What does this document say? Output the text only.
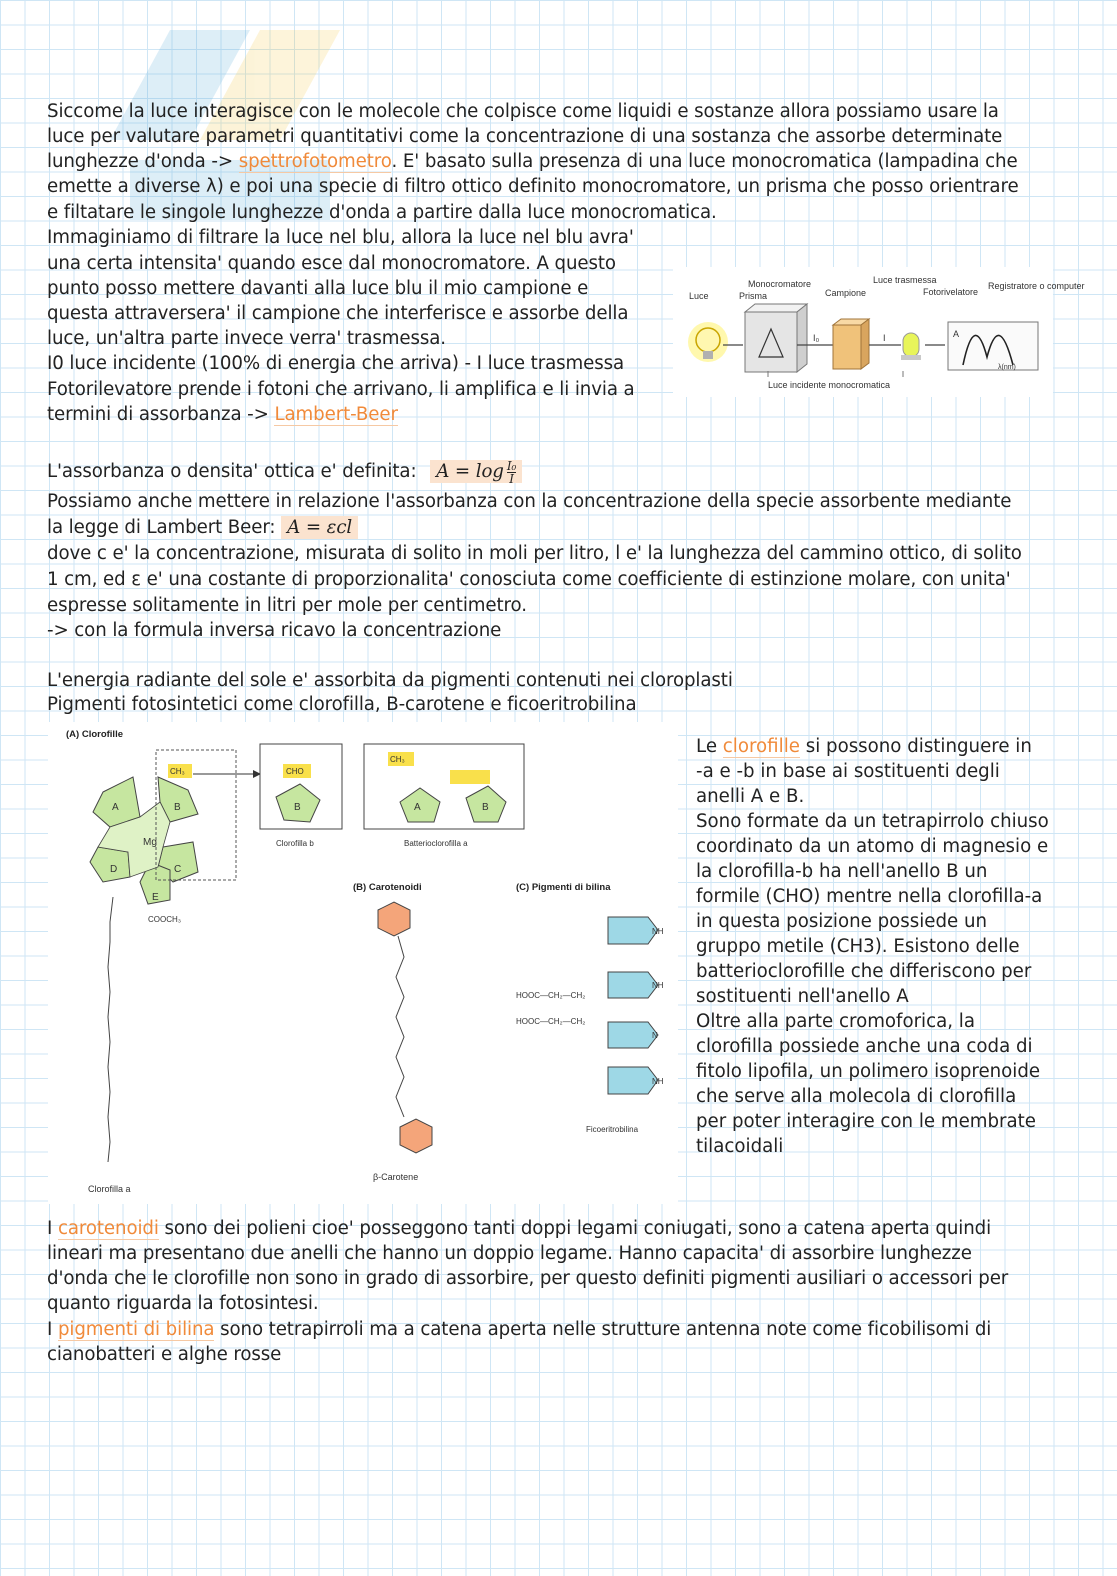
Siccome la luce interagisce con le molecole che colpisce come liquidi e sostanze allora possiamo usare la
luce per valutare parametri quantitativi come la concentrazione di una sostanza che assorbe determinate
lunghezze d'onda -> spettrofotometro. E' basato sulla presenza di una luce monocromatica (lampadina che
emette a diverse λ) e poi una specie di filtro ottico definito monocromatore, un prisma che posso orientrare
e filtatare le singole lunghezze d'onda a partire dalla luce monocromatica.
Immaginiamo di filtrare la luce nel blu, allora la luce nel blu avra'
una certa intensita' quando esce dal monocromatore. A questo
punto posso mettere davanti alla luce blu il mio campione e
questa attraversera' il campione che interferisce e assorbe della
luce, un'altra parte invece verra' trasmessa.
I0 luce incidente (100% di energia che arriva) - I luce trasmessa
Fotorilevatore prende i fotoni che arrivano, li amplifica e li invia a
termini di assorbanza -> Lambert-Beer
Luce
Monocromatore
Prisma	Campione
Luce trasmessa
Fotorivelatore
Registratore o computer
I₀	I	A
λ(nm)
Luce incidente monocromatica
L'assorbanza o densita' ottica e' definita: $A = \log \frac{\text{I₀}}{I}$
Possiamo anche mettere in relazione l'assorbanza con la concentrazione della specie assorbente mediante
la legge di Lambert Beer: A = εcl
dove c e' la concentrazione, misurata di solito in moli per litro, l e' la lunghezza del cammino ottico, di solito
1 cm, ed ε e' una costante di proporzionalita' conosciuta come coefficiente di estinzione molare, con unita'
espresse solitamente in litri per mole per centimetro.
-> con la formula inversa ricavo la concentrazione
L'energia radiante del sole e' assorbita da pigmenti contenuti nei cloroplasti
Pigmenti fotosintetici come clorofilla, B-carotene e ficoeritrobilina
(A) Clorofille
Mg
A	B
C
D
E
CH₃
COOCH₃
Clorofilla a
CHO
B
Clorofilla b
CH₃
A	B
Batterioclorofilla a
(B) Carotenoidi
β-Carotene
(C) Pigmenti di bilina
NH
NH
N
NH
HOOC—CH₂—CH₂
HOOC—CH₂—CH₂
Ficoeritrobilina
Le clorofille si possono distinguere in
-a e -b in base ai sostituenti degli
anelli A e B.
Sono formate da un tetrapirrolo chiuso
coordinato da un atomo di magnesio e
la clorofilla-b ha nell'anello B un
formile (CHO) mentre nella clorofilla-a
in questa posizione possiede un
gruppo metile (CH3). Esistono delle
batterioclorofille che differiscono per
sostituenti nell'anello A
Oltre alla parte cromoforica, la
clorofilla possiede anche una coda di
fitolo lipofila, un polimero isoprenoide
che serve alla molecola di clorofilla
per poter interagire con le membrate
tilacoidali
I carotenoidi sono dei polieni cioe' posseggono tanti doppi legami coniugati, sono a catena aperta quindi
lineari ma presentano due anelli che hanno un doppio legame. Hanno capacita' di assorbire lunghezze
d'onda che le clorofille non sono in grado di assorbire, per questo definiti pigmenti ausiliari o accessori per
quanto riguarda la fotosintesi.
I pigmenti di bilina sono tetrapirroli ma a catena aperta nelle strutture antenna note come ficobilisomi di
cianobatteri e alghe rosse
